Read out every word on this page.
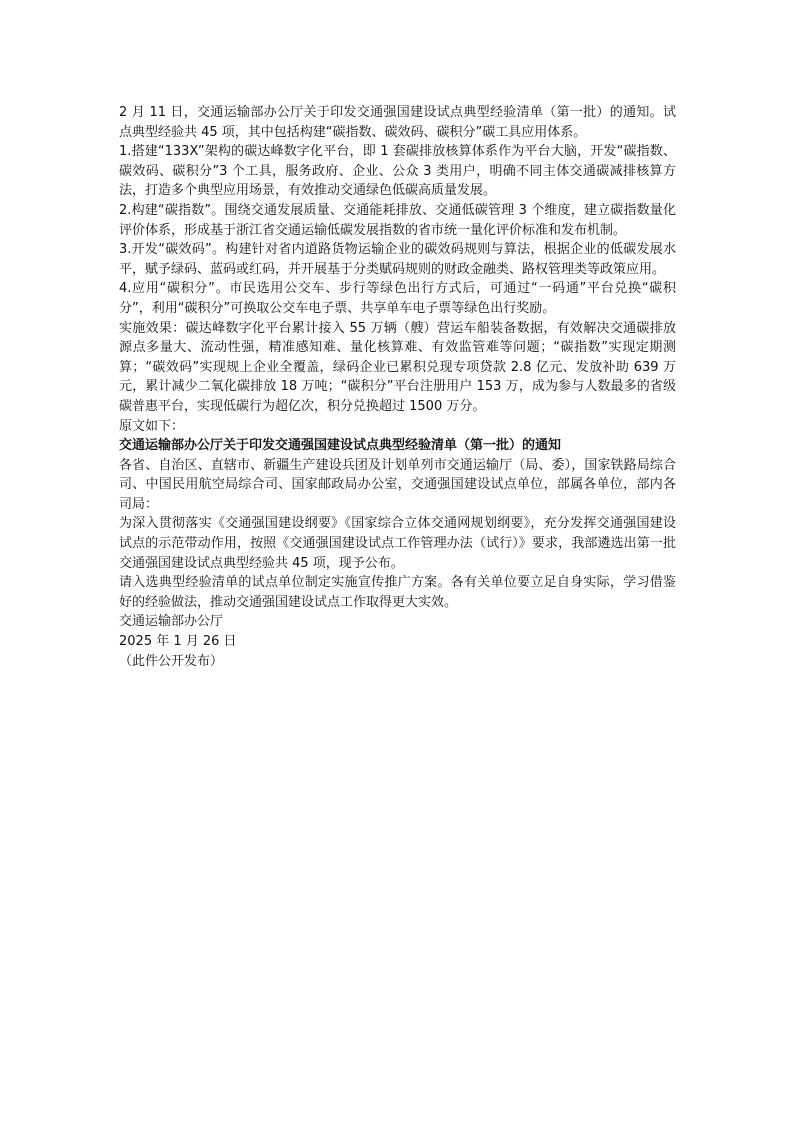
2 月 11 日，交通运输部办公厅关于印发交通强国建设试点典型经验清单（第一批）的通知。试点典型经验共 45 项，其中包括构建“碳指数、碳效码、碳积分”碳工具应用体系。

1.搭建“133X”架构的碳达峰数字化平台，即 1 套碳排放核算体系作为平台大脑，开发“碳指数、碳效码、碳积分”3 个工具，服务政府、企业、公众 3 类用户，明确不同主体交通碳减排核算方法，打造多个典型应用场景，有效推动交通绿色低碳高质量发展。

2.构建“碳指数”。围绕交通发展质量、交通能耗排放、交通低碳管理 3 个维度，建立碳指数量化评价体系，形成基于浙江省交通运输低碳发展指数的省市统一量化评价标准和发布机制。

3.开发“碳效码”。构建针对省内道路货物运输企业的碳效码规则与算法，根据企业的低碳发展水平，赋予绿码、蓝码或红码，并开展基于分类赋码规则的财政金融类、路权管理类等政策应用。

4.应用“碳积分”。市民选用公交车、步行等绿色出行方式后，可通过“一码通”平台兑换“碳积分”，利用“碳积分”可换取公交车电子票、共享单车电子票等绿色出行奖励。

实施效果：碳达峰数字化平台累计接入 55 万辆（艘）营运车船装备数据，有效解决交通碳排放源点多量大、流动性强，精准感知难、量化核算难、有效监管难等问题；“碳指数”实现定期测算；“碳效码”实现规上企业全覆盖，绿码企业已累积兑现专项贷款 2.8 亿元、发放补助 639 万元，累计减少二氧化碳排放 18 万吨；“碳积分”平台注册用户 153 万，成为参与人数最多的省级碳普惠平台，实现低碳行为超亿次，积分兑换超过 1500 万分。

原文如下：

交通运输部办公厅关于印发交通强国建设试点典型经验清单（第一批）的通知

各省、自治区、直辖市、新疆生产建设兵团及计划单列市交通运输厅（局、委），国家铁路局综合司、中国民用航空局综合司、国家邮政局办公室，交通强国建设试点单位，部属各单位，部内各司局：

为深入贯彻落实《交通强国建设纲要》《国家综合立体交通网规划纲要》，充分发挥交通强国建设试点的示范带动作用，按照《交通强国建设试点工作管理办法（试行）》要求，我部遴选出第一批交通强国建设试点典型经验共 45 项，现予公布。

请入选典型经验清单的试点单位制定实施宣传推广方案。各有关单位要立足自身实际，学习借鉴好的经验做法，推动交通强国建设试点工作取得更大实效。

交通运输部办公厅

2025 年 1 月 26 日

（此件公开发布）
